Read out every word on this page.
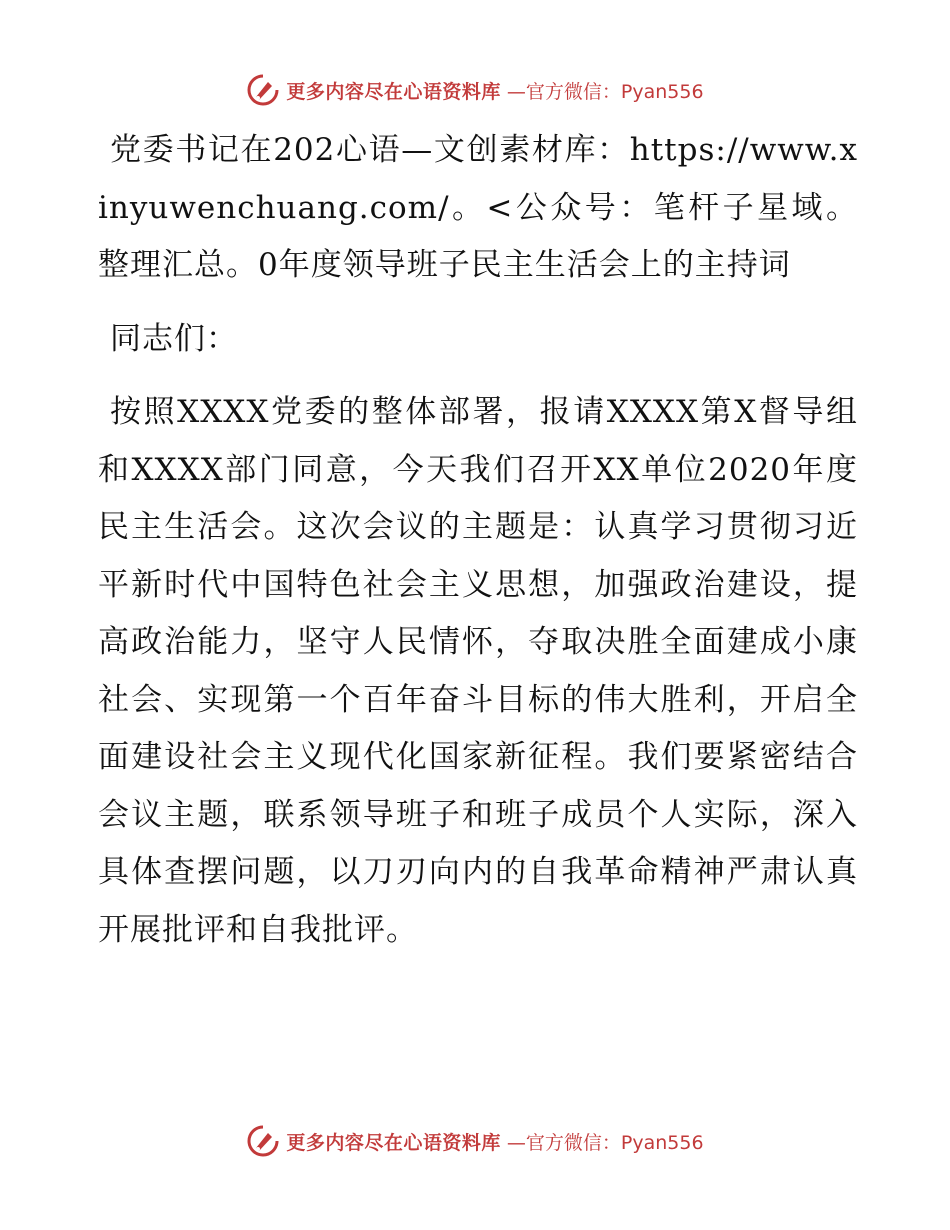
更多内容尽在心语资料库 —官方微信：Pyan556

党委书记在202心语—文创素材库：https://www.xinyuwenchuang.com/。<公众号：笔杆子星域。整理汇总。0年度领导班子民主生活会上的主持词

同志们：

按照XXXX党委的整体部署，报请XXXX第X督导组和XXXX部门同意，今天我们召开XX单位2020年度民主生活会。这次会议的主题是：认真学习贯彻习近平新时代中国特色社会主义思想，加强政治建设，提高政治能力，坚守人民情怀，夺取决胜全面建成小康社会、实现第一个百年奋斗目标的伟大胜利，开启全面建设社会主义现代化国家新征程。我们要紧密结合会议主题，联系领导班子和班子成员个人实际，深入具体查摆问题，以刀刃向内的自我革命精神严肃认真开展批评和自我批评。

更多内容尽在心语资料库 —官方微信：Pyan556
